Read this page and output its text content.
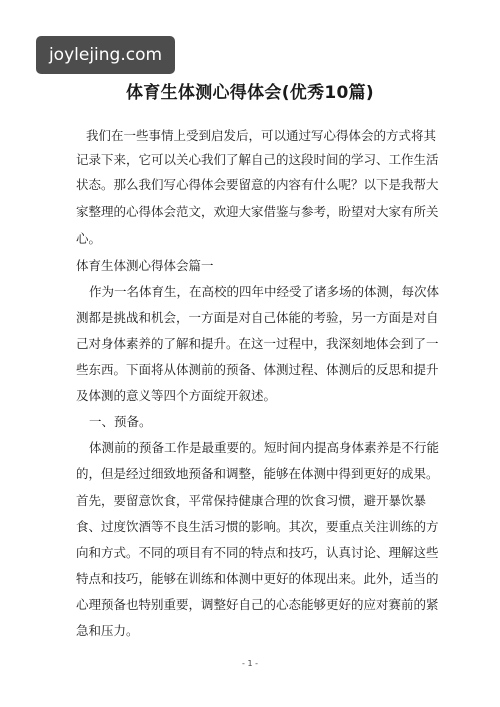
joylejing.com
体育生体测心得体会(优秀10篇)
我们在一些事情上受到启发后，可以通过写心得体会的方式将其
记录下来，它可以关心我们了解自己的这段时间的学习、工作生活
状态。那么我们写心得体会要留意的内容有什么呢？以下是我帮大
家整理的心得体会范文，欢迎大家借鉴与参考，盼望对大家有所关
心。
体育生体测心得体会篇一
作为一名体育生，在高校的四年中经受了诸多场的体测，每次体
测都是挑战和机会，一方面是对自己体能的考验，另一方面是对自
己对身体素养的了解和提升。在这一过程中，我深刻地体会到了一
些东西。下面将从体测前的预备、体测过程、体测后的反思和提升
及体测的意义等四个方面绽开叙述。
一、预备。
体测前的预备工作是最重要的。短时间内提高身体素养是不行能
的，但是经过细致地预备和调整，能够在体测中得到更好的成果。
首先，要留意饮食，平常保持健康合理的饮食习惯，避开暴饮暴
食、过度饮酒等不良生活习惯的影响。其次，要重点关注训练的方
向和方式。不同的项目有不同的特点和技巧，认真讨论、理解这些
特点和技巧，能够在训练和体测中更好的体现出来。此外，适当的
心理预备也特别重要，调整好自己的心态能够更好的应对赛前的紧
急和压力。
- 1 -
